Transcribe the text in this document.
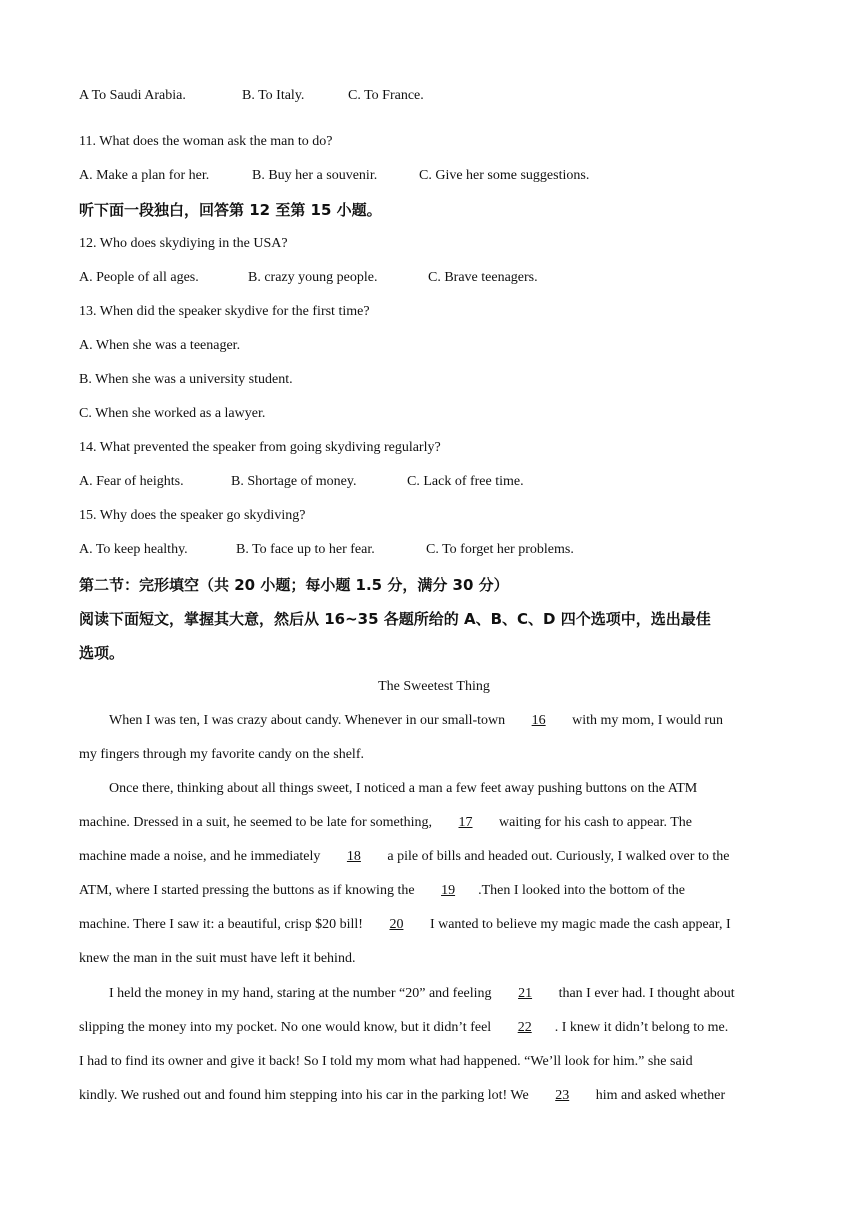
A To Saudi Arabia.	B. To Italy.	C. To France.
11. What does the woman ask the man to do?
A. Make a plan for her.	B. Buy her a souvenir.	C. Give her some suggestions.
听下面一段独白，回答第 12 至第 15 小题。
12. Who does skydiying in the USA?
A. People of all ages.	B. crazy young people.	C. Brave teenagers.
13. When did the speaker skydive for the first time?
A. When she was a teenager.
B. When she was a university student.
C. When she worked as a lawyer.
14. What prevented the speaker from going skydiving regularly?
A. Fear of heights.	B. Shortage of money.	C. Lack of free time.
15. Why does the speaker go skydiving?
A. To keep healthy.	B. To face up to her fear.	C. To forget her problems.
第二节：完形填空（共 20 小题；每小题 1.5 分，满分 30 分）
阅读下面短文，掌握其大意，然后从 16~35 各题所给的 A、B、C、D 四个选项中，选出最佳
选项。
The Sweetest Thing
When I was ten, I was crazy about candy. Whenever in our small-town 16 with my mom, I would run
my fingers through my favorite candy on the shelf.
Once there, thinking about all things sweet, I noticed a man a few feet away pushing buttons on the ATM
machine. Dressed in a suit, he seemed to be late for something, 17 waiting for his cash to appear. The
machine made a noise, and he immediately 18 a pile of bills and headed out. Curiously, I walked over to the
ATM, where I started pressing the buttons as if knowing the 19 .Then I looked into the bottom of the
machine. There I saw it: a beautiful, crisp $20 bill! 20 I wanted to believe my magic made the cash appear, I
knew the man in the suit must have left it behind.
I held the money in my hand, staring at the number “20” and feeling 21 than I ever had. I thought about
slipping the money into my pocket. No one would know, but it didn’t feel 22 . I knew it didn’t belong to me.
I had to find its owner and give it back! So I told my mom what had happened. “We’ll look for him.” she said
kindly. We rushed out and found him stepping into his car in the parking lot! We 23 him and asked whether
